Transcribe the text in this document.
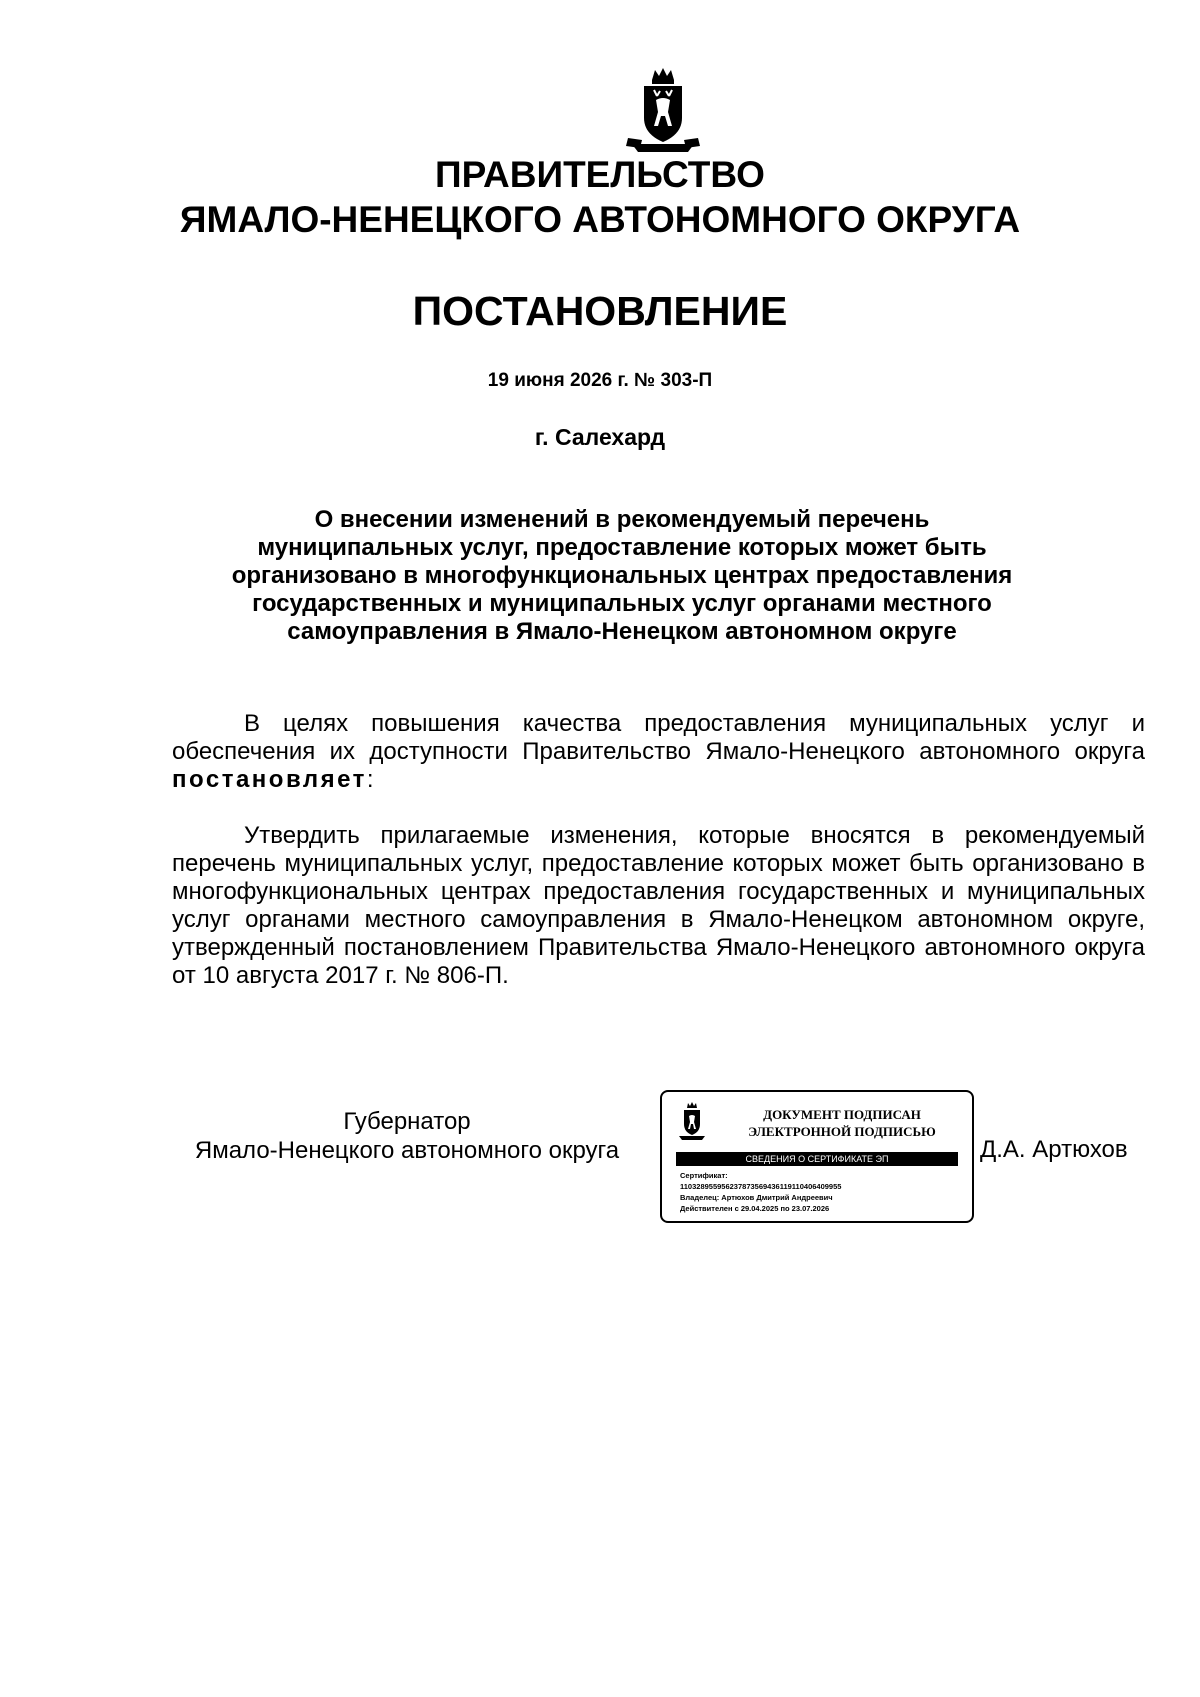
ПРАВИТЕЛЬСТВО
ЯМАЛО-НЕНЕЦКОГО АВТОНОМНОГО ОКРУГА
ПОСТАНОВЛЕНИЕ
19 июня 2026 г. № 303-П
г. Салехард
О внесении изменений в рекомендуемый перечень
муниципальных услуг, предоставление которых может быть
организовано в многофункциональных центрах предоставления
государственных и муниципальных услуг органами местного
самоуправления в Ямало-Ненецком автономном округе
В целях повышения качества предоставления муниципальных услуг и обеспечения их доступности Правительство Ямало-Ненецкого автономного округа постановляет:
Утвердить прилагаемые изменения, которые вносятся в рекомендуемый перечень муниципальных услуг, предоставление которых может быть организовано в многофункциональных центрах предоставления государственных и муниципальных услуг органами местного самоуправления в Ямало-Ненецком автономном округе, утвержденный постановлением Правительства Ямало-Ненецкого автономного округа от 10 августа 2017 г. № 806-П.
Губернатор
Ямало-Ненецкого автономного округа
ДОКУМЕНТ ПОДПИСАН
ЭЛЕКТРОННОЙ ПОДПИСЬЮ
СВЕДЕНИЯ О СЕРТИФИКАТЕ ЭП
Сертификат:
110328955956237873569436119110406409955
Владелец: Артюхов Дмитрий Андреевич
Действителен с 29.04.2025 по 23.07.2026
Д.А. Артюхов
